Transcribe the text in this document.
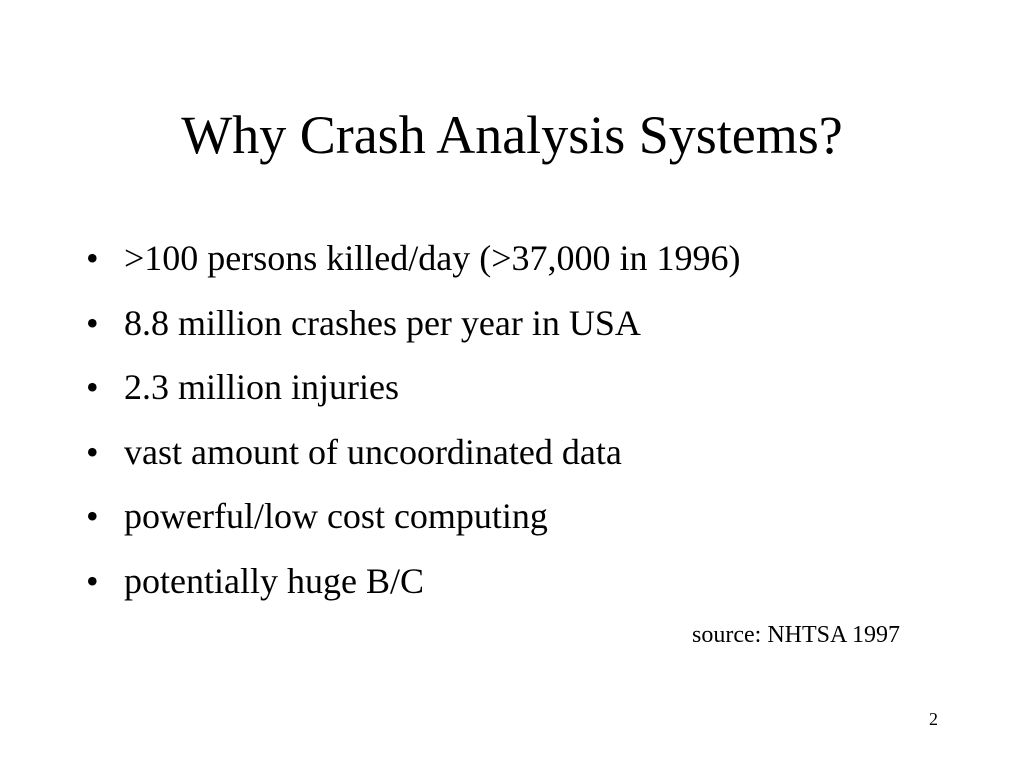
Why Crash Analysis Systems?
• >100 persons killed/day (>37,000 in 1996)
• 8.8 million crashes per year in USA
• 2.3 million injuries
• vast amount of uncoordinated data
• powerful/low cost computing
• potentially huge B/C
source: NHTSA 1997
2
